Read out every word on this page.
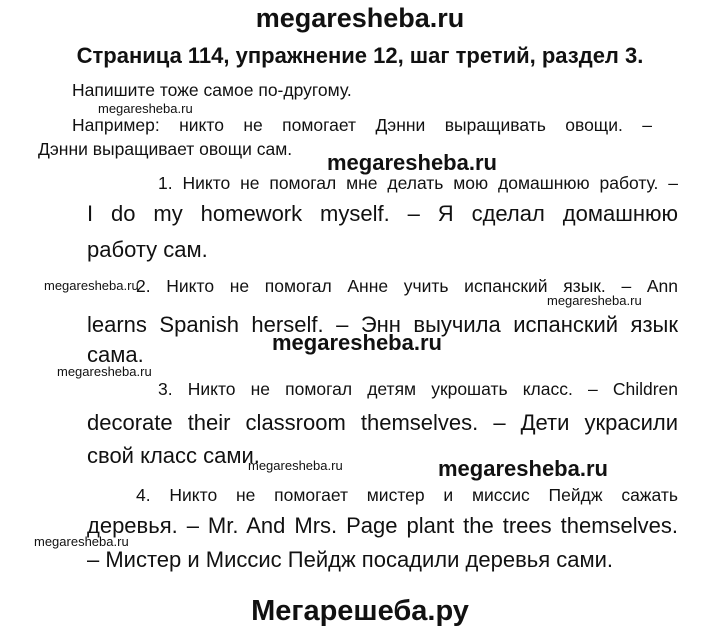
megaresheba.ru
Страница 114, упражнение 12, шаг третий, раздел 3.
Напишите тоже самое по-другому.
megaresheba.ru
Например: никто не помогает Дэнни выращивать овощи. –
Дэнни выращивает овощи сам.
megaresheba.ru
1. Никто не помогал мне делать мою домашнюю работу. –
I do my homework myself. – Я сделал домашнюю
работу сам.
megaresheba.ru
2. Никто не помогал Анне учить испанский язык. – Ann
megaresheba.ru
learns Spanish herself. – Энн выучила испанский язык
сама.	megaresheba.ru
megaresheba.ru
3. Никто не помогал детям укрошать класс. – Children
decorate their classroom themselves. – Дети украсили
свой класс сами.
megaresheba.ru	megaresheba.ru
4. Никто не помогает мистер и миссис Пейдж сажать
деревья. – Mr. And Mrs. Page plant the trees themselves.
megaresheba.ru
– Мистер и Миссис Пейдж посадили деревья сами.
Мегарешеба.ру
